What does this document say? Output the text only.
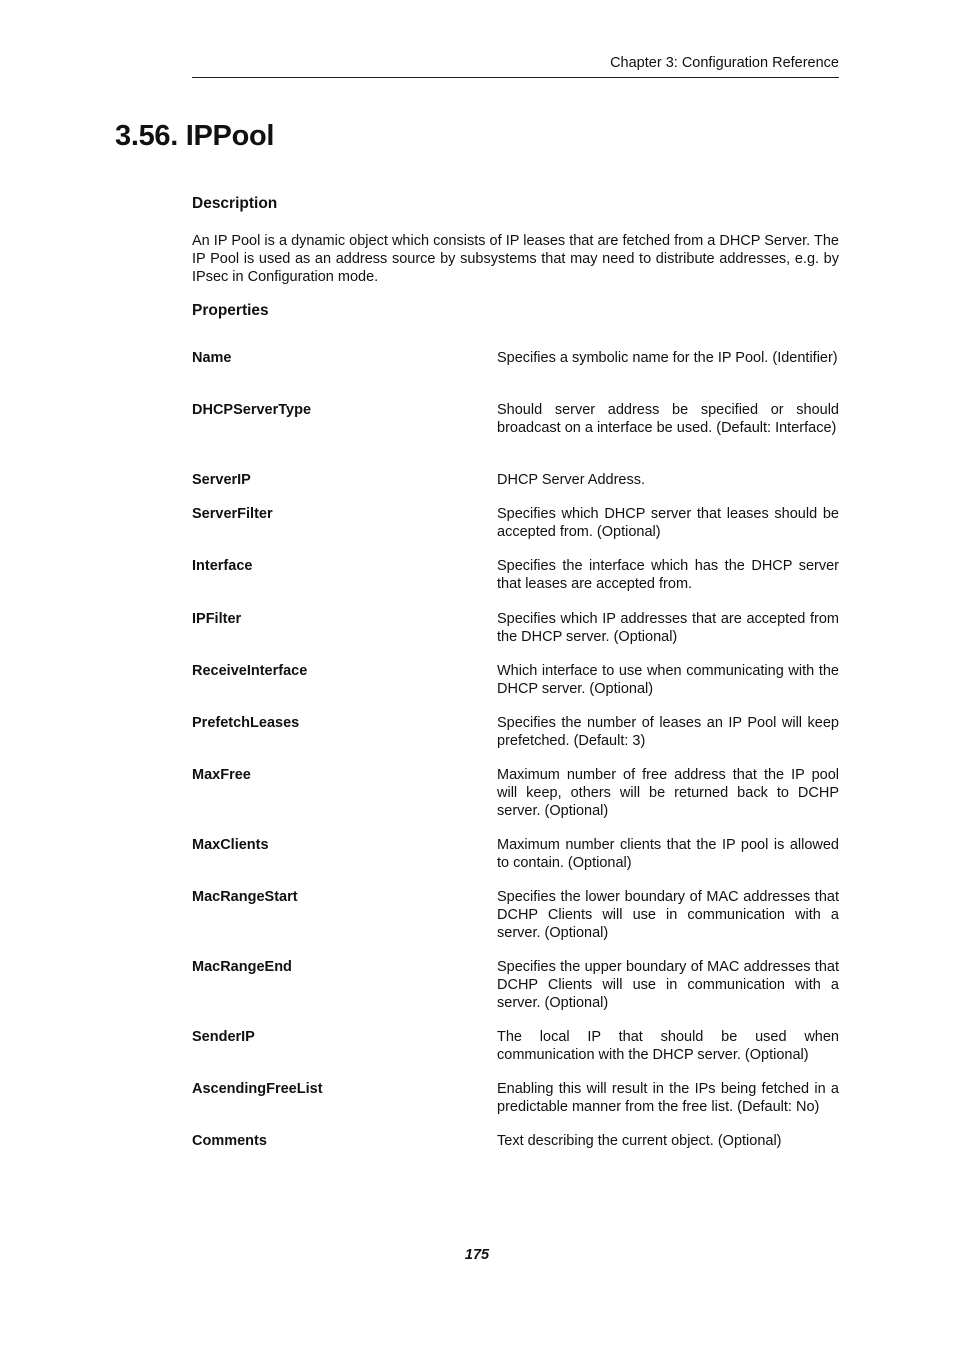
Chapter 3: Configuration Reference
3.56. IPPool
Description

An IP Pool is a dynamic object which consists of IP leases that are fetched from a DHCP Server. The IP Pool is used as an address source by subsystems that may need to distribute addresses, e.g. by IPsec in Configuration mode.

Properties
Name	Specifies a symbolic name for the IP Pool. (Identifier)
DHCPServerType	Should server address be specified or should broadcast on a interface be used. (Default: Interface)
ServerIP	DHCP Server Address.
ServerFilter	Specifies which DHCP server that leases should be accepted from. (Optional)
Interface	Specifies the interface which has the DHCP server that leases are accepted from.
IPFilter	Specifies which IP addresses that are accepted from the DHCP server. (Optional)
ReceiveInterface	Which interface to use when communicating with the DHCP server. (Optional)
PrefetchLeases	Specifies the number of leases an IP Pool will keep prefetched. (Default: 3)
MaxFree	Maximum number of free address that the IP pool will keep, others will be returned back to DCHP server. (Optional)
MaxClients	Maximum number clients that the IP pool is allowed to contain. (Optional)
MacRangeStart	Specifies the lower boundary of MAC addresses that DCHP Clients will use in communication with a server. (Optional)
MacRangeEnd	Specifies the upper boundary of MAC addresses that DCHP Clients will use in communication with a server. (Optional)
SenderIP	The local IP that should be used when communication with the DHCP server. (Optional)
AscendingFreeList	Enabling this will result in the IPs being fetched in a predictable manner from the free list. (Default: No)
Comments	Text describing the current object. (Optional)
175
